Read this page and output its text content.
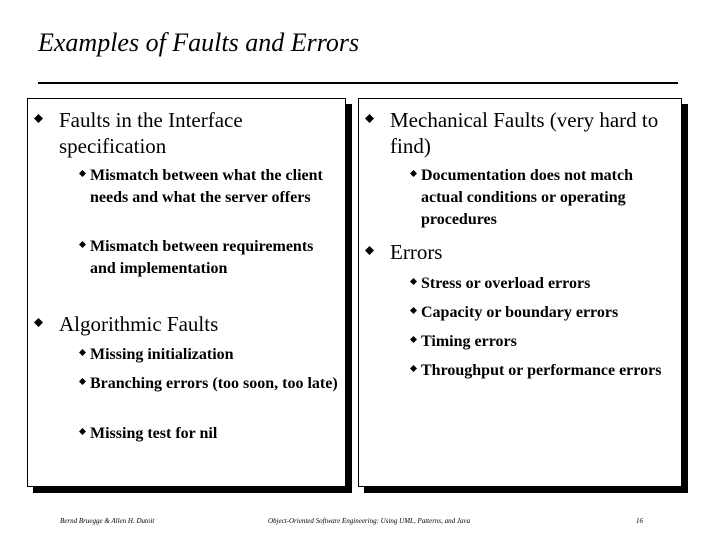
Examples of Faults and Errors
Faults in the Interface specification
Mismatch between what the client needs and what the server offers
Mismatch between requirements and implementation
Algorithmic Faults
Missing initialization
Branching errors (too soon, too late)
Missing test for nil
Mechanical Faults (very hard to find)
Documentation does not match actual conditions or operating procedures
Errors
Stress or overload errors
Capacity or boundary errors
Timing errors
Throughput or performance errors
Bernd Bruegge & Allen H. Dutoit	Object-Oriented Software Engineering: Using UML, Patterns, and Java	16
